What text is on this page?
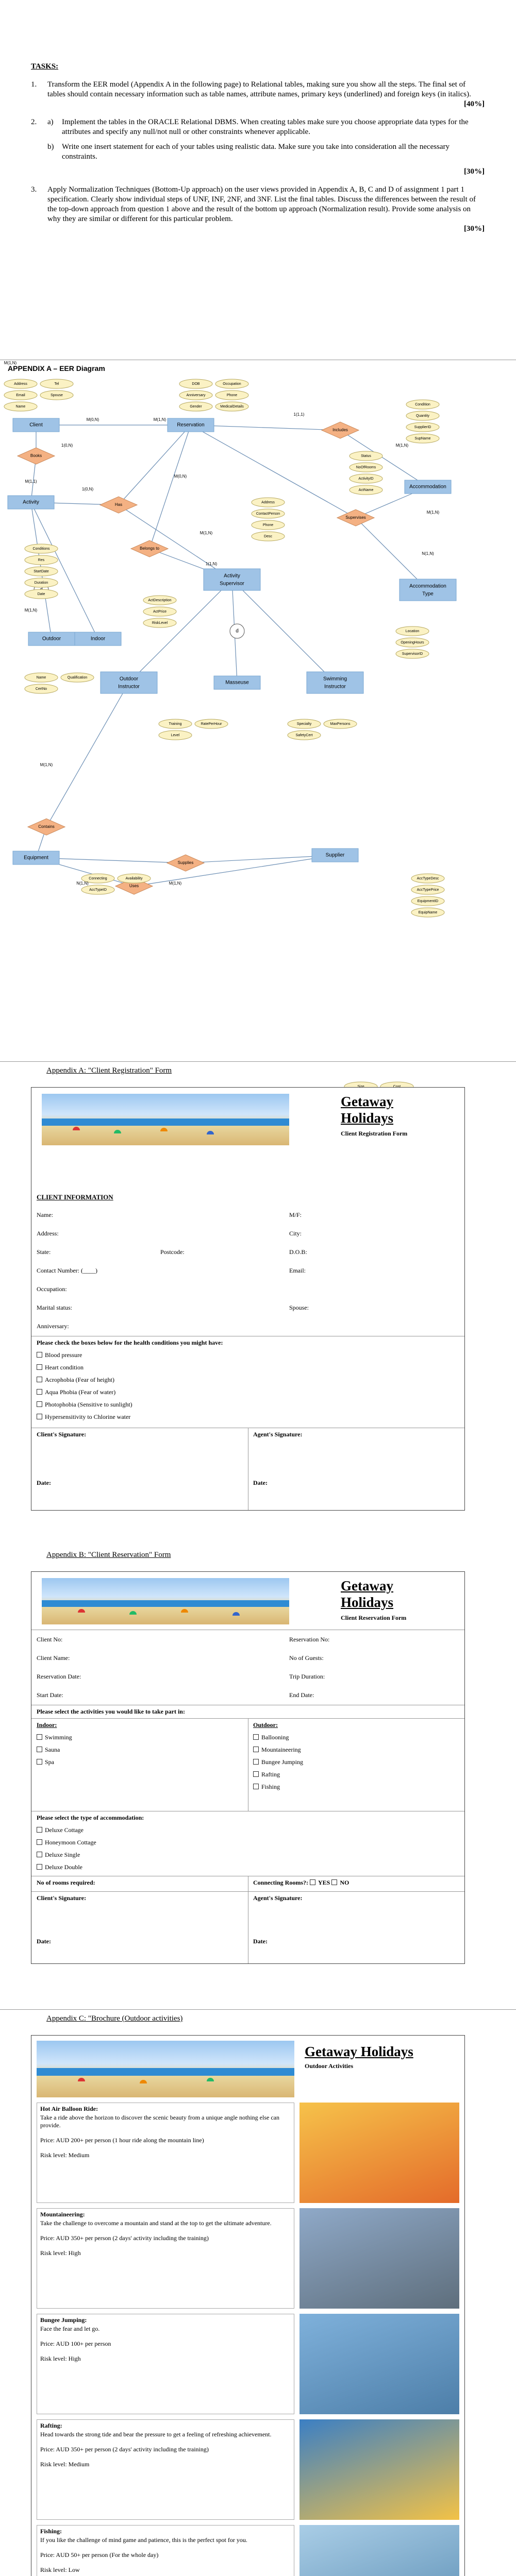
TASKS:
1. Transform the EER model (Appendix A in the following page) to Relational tables, making sure you show all the steps. The final set of tables should contain necessary information such as table names, attribute names, primary keys (underlined) and foreign keys (in italics).
[40%]
2. a) Implement the tables in the ORACLE Relational DBMS. When creating tables make sure you choose appropriate data types for the attributes and specify any null/not null or other constraints whenever applicable.
b) Write one insert statement for each of your tables using realistic data. Make sure you take into consideration all the necessary constraints.
[30%]
3. Apply Normalization Techniques (Bottom-Up approach) on the user views provided in Appendix A, B, C and D of assignment 1 part 1 specification. Clearly show individual steps of UNF, INF, 2NF, and 3NF. List the final tables. Discuss the differences between the result of the top-down approach from question 1 above and the result of the bottom up approach (Normalization result). Provide some analysis on why they are similar or different for this particular problem.
[30%]
APPENDIX A – EER Diagram
Client	Reservation
Activity
Accommodation
Activity
Supervisor	Accommodation
Type
Outdoor	Indoor
Outdoor
Instructor
Masseuse
Swimming
Instructor
Equipment	Supplier
Books
Has
Includes
Supervises
Belongs to
Contains
Uses
Supplies
d
Address	Tel
Email	Spouse
Name
DOB	Occupation
Anniversary	Phone
Gender	MedicalDetails
Conditions
Res
StartDate
Duration
Date
Status
NoOfRooms
ActivityID
ActName
ActDescription
ActPrice
RiskLevel
Location
OpeningHours
SupervisorID
Name	Qualification
CertNo
Training	RatePerHour
Level
Specialty	MaxPersons
SafetyCert
Connecting	Availability
AccTypeID
AccTypeDesc
AccTypePrice
EquipmentID
EquipName
Condition
Quantity
SupplierID
SupName
Address
ContactPerson
Phone
Desc
1(0,N)
M(1,1)
M(0,N)	M(1,N)
1(1,1)
M(1,N)
1(0,N)
M(0,N)
M(1,N)
1(1,N)
M(1,N)
N(1,N)
M(1,N)
M(1,N)
M(1,N)
N(1,N)	M(1,N)
Appendix A: "Client Registration" Form
Getaway
Holidays
Client Registration Form
CLIENT INFORMATION
Name:	M/F:
Address:	City:
State:	Postcode:	D.O.B:
Contact Number: (____)	Email:
Occupation:
Marital status:	Spouse:
Anniversary:
Please check the boxes below for the health conditions you might have:
Blood pressure
Heart condition
Acrophobia (Fear of height)
Aqua Phobia (Fear of water)
Photophobia (Sensitive to sunlight)
Hypersensitivity to Chlorine water
Client's Signature:	Agent's Signature:
Date:	Date:
Appendix B: "Client Reservation" Form
Getaway
Holidays
Client Reservation Form
Client No:	Reservation No:
Client Name:	No of Guests:
Reservation Date:	Trip Duration:
Start Date:	End Date:
Please select the activities you would like to take part in:
Indoor:	Outdoor:
Swimming
Sauna
Spa
Ballooning
Mountaineering
Bungee Jumping
Rafting
Fishing
Please select the type of accommodation:
Deluxe Cottage
Honeymoon Cottage
Deluxe Single
Deluxe Double
No of rooms required:	Connecting Rooms?: YES NO
Client's Signature:	Agent's Signature:
Date:	Date:
Appendix C: "Brochure (Outdoor activities)
Getaway Holidays
Outdoor Activities
Hot Air Balloon Ride:
Take a ride above the horizon to discover the scenic beauty from a unique angle nothing else can provide.
Price: AUD 200+ per person (1 hour ride along the mountain line)
Risk level: Medium
Mountaineering:
Take the challenge to overcome a mountain and stand at the top to get the ultimate adventure.
Price: AUD 350+ per person (2 days' activity including the training)
Risk level: High
Bungee Jumping:
Face the fear and let go.
Price: AUD 100+ per person
Risk level: High
Rafting:
Head towards the strong tide and bear the pressure to get a feeling of refreshing achievement.
Price: AUD 350+ per person (2 days' activity including the training)
Risk level: Medium
Fishing:
If you like the challenge of mind game and patience, this is the perfect spot for you.
Price: AUD 50+ per person (For the whole day)
Risk level: Low
